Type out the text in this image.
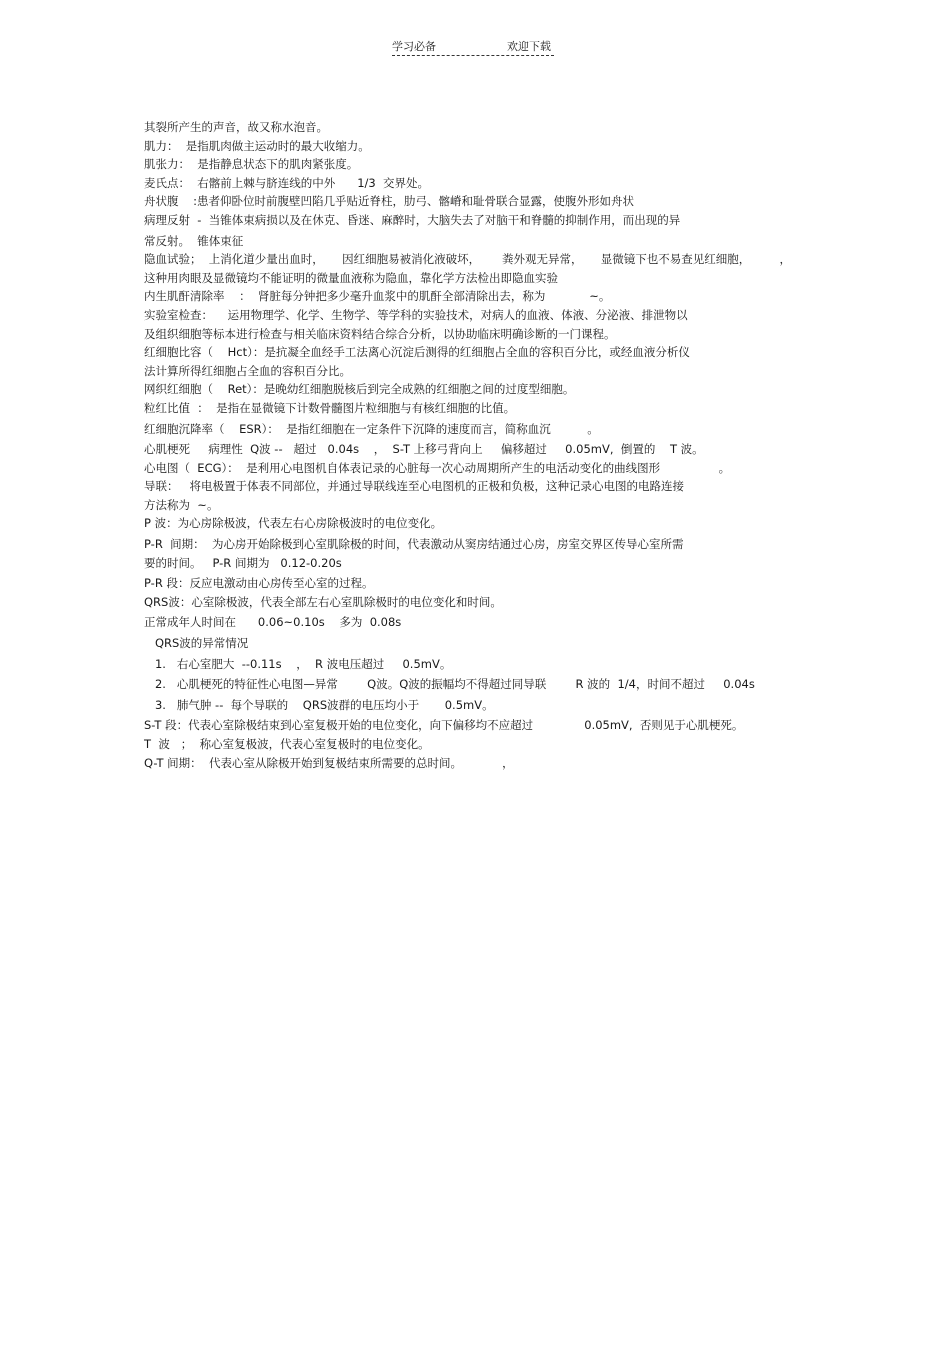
学习必备	欢迎下载

其裂所产生的声音，故又称水泡音。

肌力：  是指肌肉做主运动时的最大收缩力。

肌张力：  是指静息状态下的肌肉紧张度。

麦氏点：  右髂前上棘与脐连线的中外      1/3  交界处。

舟状腹    :患者仰卧位时前腹壁凹陷几乎贴近脊柱，肋弓、髂嵴和耻骨联合显露，使腹外形如舟状

病理反射  -  当锥体束病损以及在休克、昏迷、麻醉时，大脑失去了对脑干和脊髓的抑制作用，而出现的异

常反射。  锥体束征

隐血试验；  上消化道少量出血时，     因红细胞易被消化液破坏，      粪外观无异常，     显微镜下也不易查见红细胞，        ，

这种用肉眼及显微镜均不能证明的微量血液称为隐血，靠化学方法检出即隐血实验

内生肌酐清除率    ：  肾脏每分钟把多少毫升血浆中的肌酐全部清除出去，称为            ~。

实验室检查：    运用物理学、化学、生物学、等学科的实验技术，对病人的血液、体液、分泌液、排泄物以

及组织细胞等标本进行检查与相关临床资料结合综合分析，以协助临床明确诊断的一门课程。

红细胞比容（    Hct）：是抗凝全血经手工法离心沉淀后测得的红细胞占全血的容积百分比，或经血液分析仪

法计算所得红细胞占全血的容积百分比。

网织红细胞（    Ret）：是晚幼红细胞脱核后到完全成熟的红细胞之间的过度型细胞。

粒红比值  ：  是指在显微镜下计数骨髓图片粒细胞与有核红细胞的比值。

红细胞沉降率（    ESR）：  是指红细胞在一定条件下沉降的速度而言，简称血沉          。

心肌梗死     病理性  Q波 --   超过   0.04s    ，  S-T 上移弓背向上     偏移超过     0.05mV,  倒置的    T 波。

心电图（  ECG）：  是利用心电图机自体表记录的心脏每一次心动周期所产生的电活动变化的曲线图形                。

导联：   将电极置于体表不同部位，并通过导联线连至心电图机的正极和负极，这种记录心电图的电路连接

方法称为  ~。

P 波：为心房除极波，代表左右心房除极波时的电位变化。

P-R  间期：  为心房开始除极到心室肌除极的时间，代表激动从窦房结通过心房，房室交界区传导心室所需

要的时间。   P-R 间期为   0.12-0.20s

P-R 段：反应电激动由心房传至心室的过程。

QRS波：心室除极波，代表全部左右心室肌除极时的电位变化和时间。

正常成年人时间在      0.06~0.10s    多为  0.08s

QRS波的异常情况

1.   右心室肥大  --0.11s    ，  R 波电压超过     0.5mV。

2.   心肌梗死的特征性心电图—异常        Q波。Q波的振幅均不得超过同导联        R 波的  1/4，时间不超过     0.04s

3.   肺气肿 --  每个导联的    QRS波群的电压均小于       0.5mV。

S-T 段：代表心室除极结束到心室复极开始的电位变化，向下偏移均不应超过              0.05mV,  否则见于心肌梗死。

T  波   ；  称心室复极波，代表心室复极时的电位变化。

Q-T 间期：  代表心室从除极开始到复极结束所需要的总时间。           ，
